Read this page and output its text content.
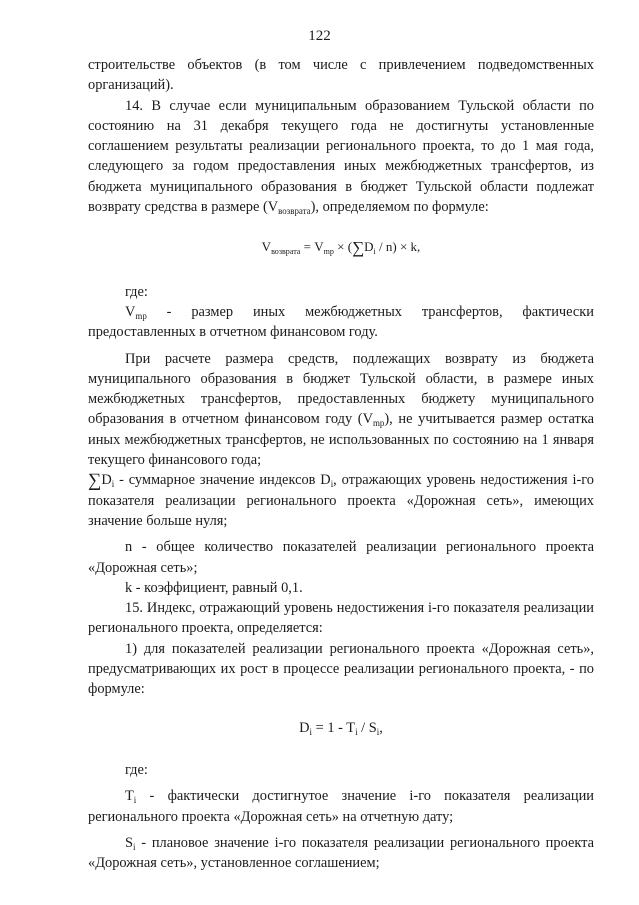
122

строительстве объектов (в том числе с привлечением подведомственных организаций).

14. В случае если муниципальным образованием Тульской области по состоянию на 31 декабря текущего года не достигнуты установленные соглашением результаты реализации регионального проекта, то до 1 мая года, следующего за годом предоставления иных межбюджетных трансфертов, из бюджета муниципального образования в бюджет Тульской области подлежат возврату средства в размере $(V_{возврата})$, определяемом по формуле:

$V_{возврата} = V_{mp} \times (\sum D_i / n) \times k$,

где:

$V_{mp}$ - размер иных межбюджетных трансфертов, фактически предоставленных в отчетном финансовом году.

При расчете размера средств, подлежащих возврату из бюджета муниципального образования в бюджет Тульской области, в размере иных межбюджетных трансфертов, предоставленных бюджету муниципального образования в отчетном финансовом году $(V_{mp})$, не учитывается размер остатка иных межбюджетных трансфертов, не использованных по состоянию на 1 января текущего финансового года;

$\sum D_i$ - суммарное значение индексов $D_i$, отражающих уровень недостижения i-го показателя реализации регионального проекта «Дорожная сеть», имеющих значение больше нуля;

n - общее количество показателей реализации регионального проекта «Дорожная сеть»;

k - коэффициент, равный 0,1.

15. Индекс, отражающий уровень недостижения i-го показателя реализации регионального проекта, определяется:

1) для показателей реализации регионального проекта «Дорожная сеть», предусматривающих их рост в процессе реализации регионального проекта, - по формуле:

$D_i = 1 - T_i / S_i$,

где:

$T_i$ - фактически достигнутое значение i-го показателя реализации регионального проекта «Дорожная сеть» на отчетную дату;

$S_i$ - плановое значение i-го показателя реализации регионального проекта «Дорожная сеть», установленное соглашением;
